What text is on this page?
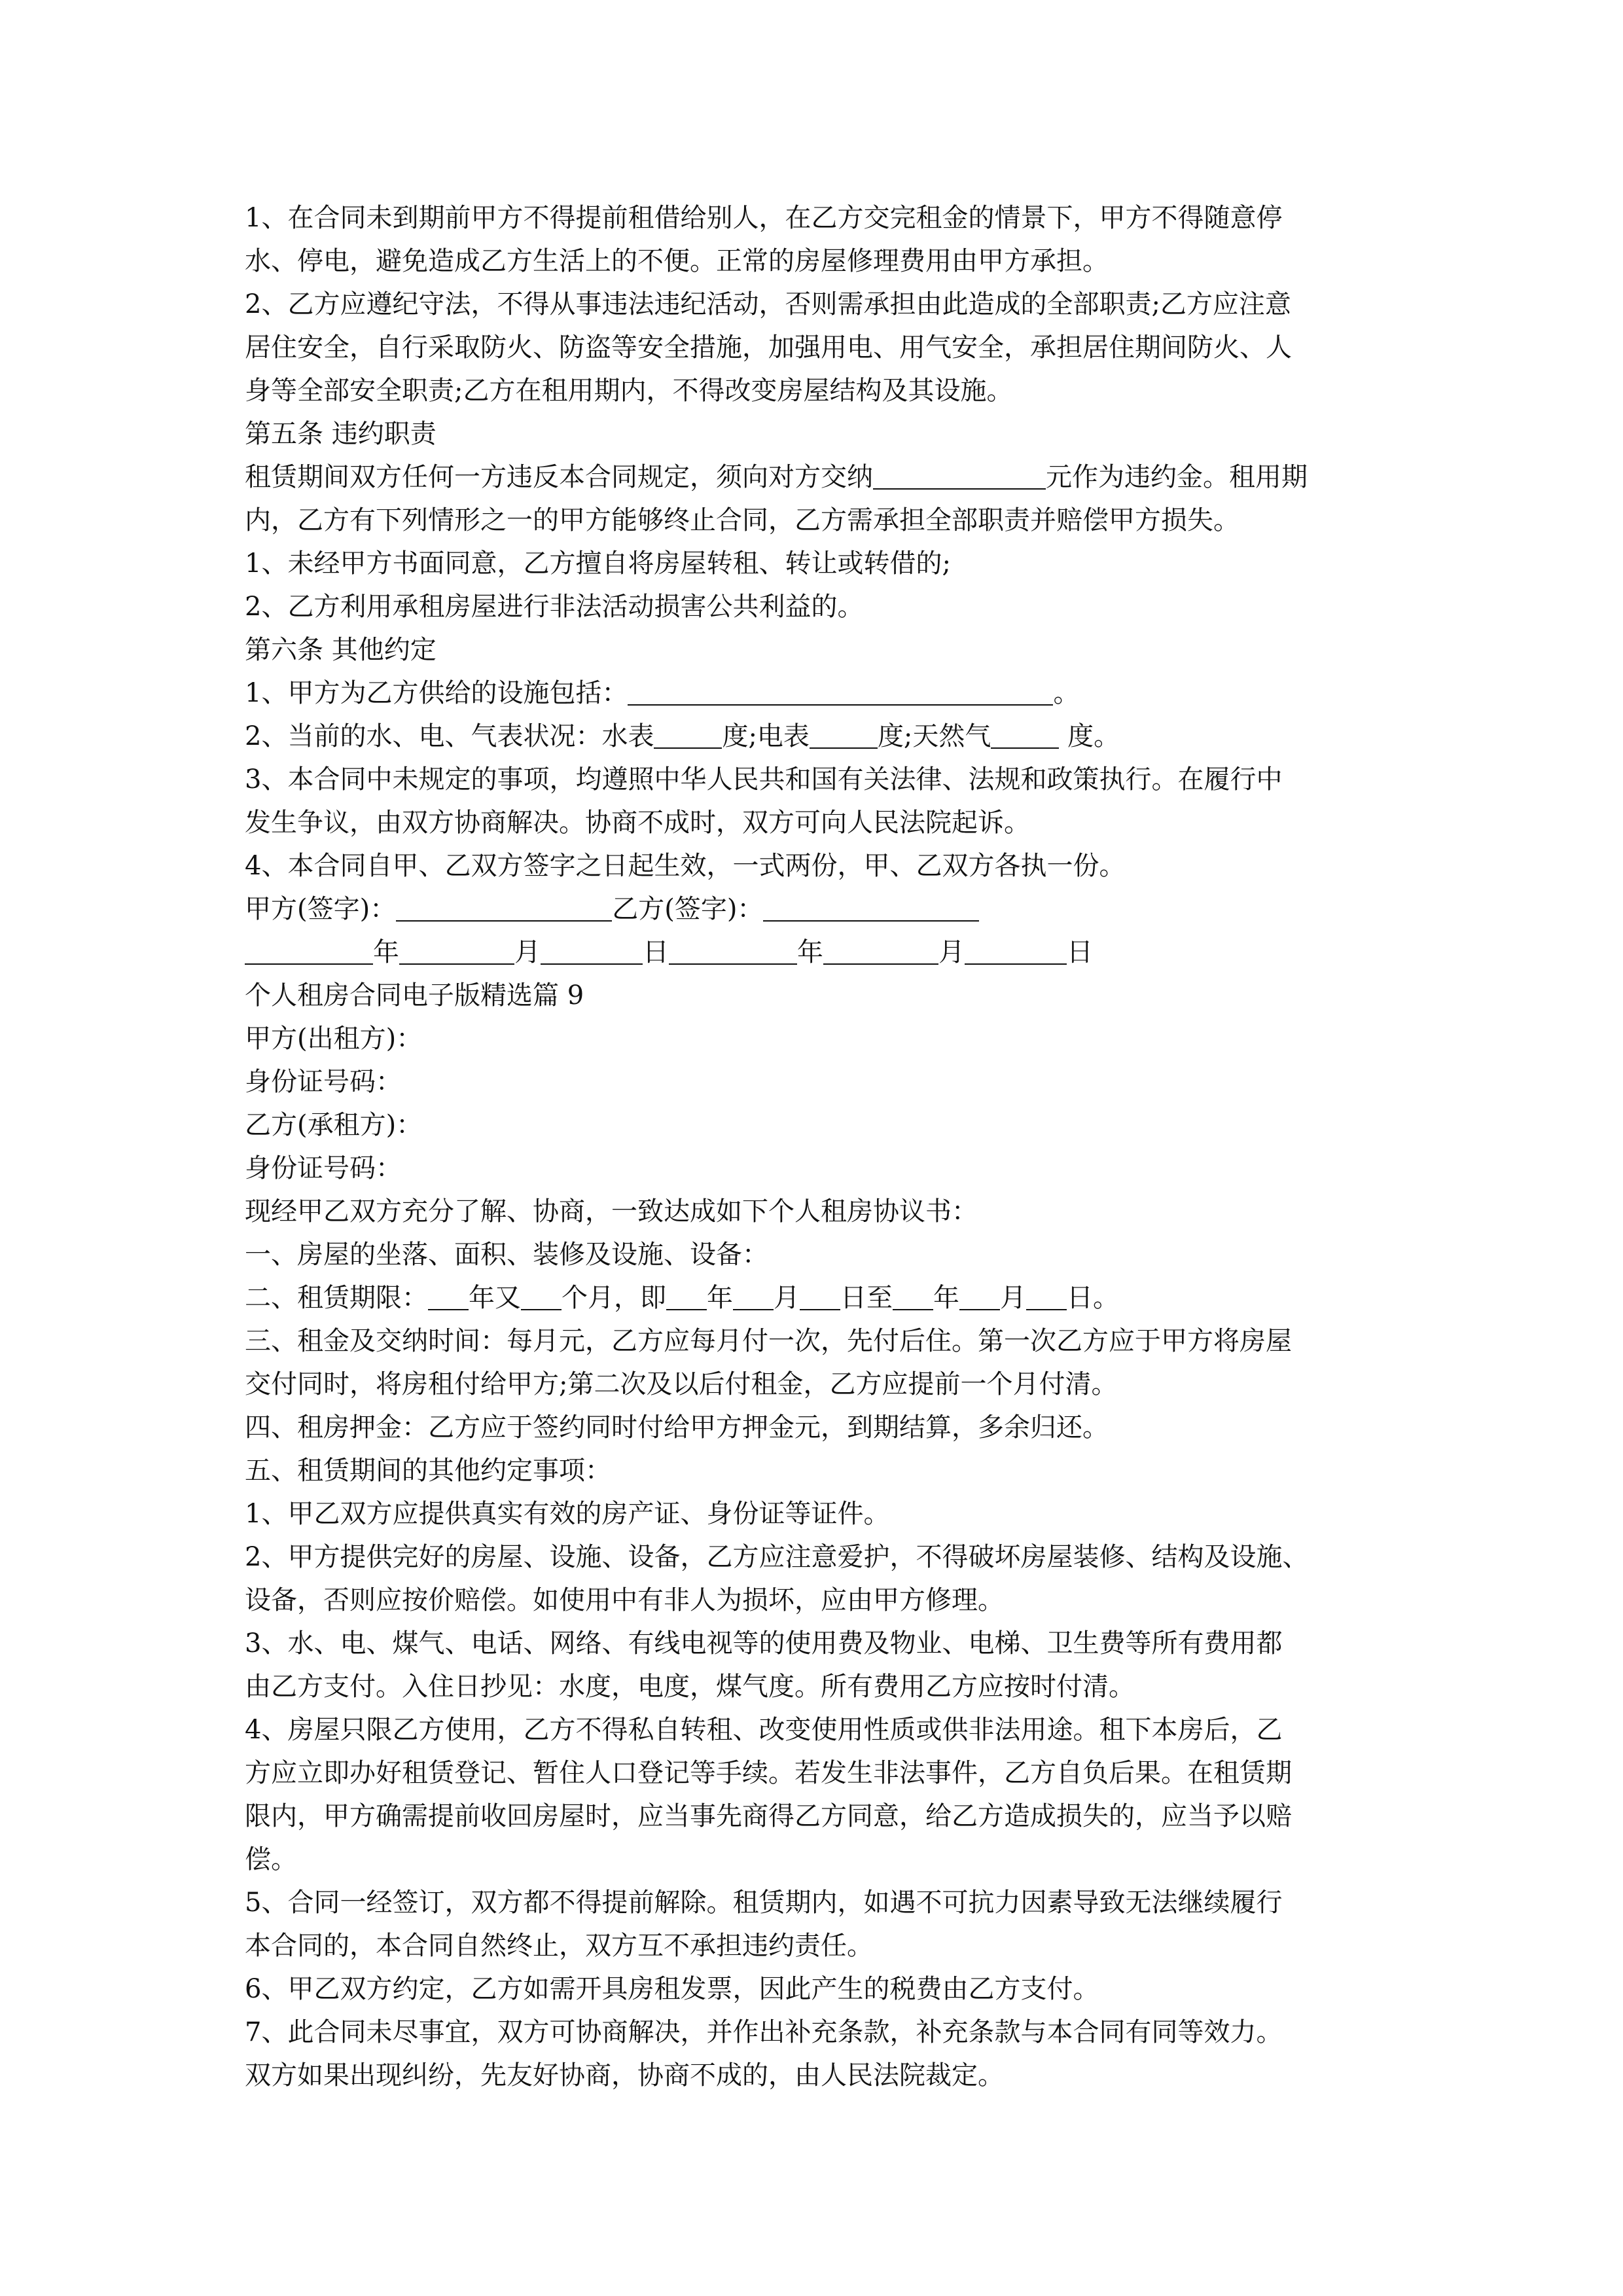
1、在合同未到期前甲方不得提前租借给别人，在乙方交完租金的情景下，甲方不得随意停
水、停电，避免造成乙方生活上的不便。正常的房屋修理费用由甲方承担。
2、乙方应遵纪守法，不得从事违法违纪活动，否则需承担由此造成的全部职责;乙方应注意
居住安全，自行采取防火、防盗等安全措施，加强用电、用气安全，承担居住期间防火、人
身等全部安全职责;乙方在租用期内，不得改变房屋结构及其设施。
第五条 违约职责
租赁期间双方任何一方违反本合同规定，须向对方交纳	元作为违约金。租用期
内，乙方有下列情形之一的甲方能够终止合同，乙方需承担全部职责并赔偿甲方损失。
1、未经甲方书面同意，乙方擅自将房屋转租、转让或转借的;
2、乙方利用承租房屋进行非法活动损害公共利益的。
第六条 其他约定
1、甲方为乙方供给的设施包括：	。
2、当前的水、电、气表状况：水表	度;电表	度;天然气	度。
3、本合同中未规定的事项，均遵照中华人民共和国有关法律、法规和政策执行。在履行中
发生争议，由双方协商解决。协商不成时，双方可向人民法院起诉。
4、本合同自甲、乙双方签字之日起生效，一式两份，甲、乙双方各执一份。
甲方(签字)：	乙方(签字)：
年	月	日	年	月	日
个人租房合同电子版精选篇 9
甲方(出租方)：
身份证号码：
乙方(承租方)：
身份证号码：
现经甲乙双方充分了解、协商，一致达成如下个人租房协议书：
一、房屋的坐落、面积、装修及设施、设备：
二、租赁期限： 年又 个月，即 年 月 日至 年 月 日。
三、租金及交纳时间：每月元，乙方应每月付一次，先付后住。第一次乙方应于甲方将房屋
交付同时，将房租付给甲方;第二次及以后付租金，乙方应提前一个月付清。
四、租房押金：乙方应于签约同时付给甲方押金元，到期结算，多余归还。
五、租赁期间的其他约定事项：
1、甲乙双方应提供真实有效的房产证、身份证等证件。
2、甲方提供完好的房屋、设施、设备，乙方应注意爱护，不得破坏房屋装修、结构及设施、
设备，否则应按价赔偿。如使用中有非人为损坏，应由甲方修理。
3、水、电、煤气、电话、网络、有线电视等的使用费及物业、电梯、卫生费等所有费用都
由乙方支付。入住日抄见：水度，电度，煤气度。所有费用乙方应按时付清。
4、房屋只限乙方使用，乙方不得私自转租、改变使用性质或供非法用途。租下本房后，乙
方应立即办好租赁登记、暂住人口登记等手续。若发生非法事件，乙方自负后果。在租赁期
限内，甲方确需提前收回房屋时，应当事先商得乙方同意，给乙方造成损失的，应当予以赔
偿。
5、合同一经签订，双方都不得提前解除。租赁期内，如遇不可抗力因素导致无法继续履行
本合同的，本合同自然终止，双方互不承担违约责任。
6、甲乙双方约定，乙方如需开具房租发票，因此产生的税费由乙方支付。
7、此合同未尽事宜，双方可协商解决，并作出补充条款，补充条款与本合同有同等效力。
双方如果出现纠纷，先友好协商，协商不成的，由人民法院裁定。
